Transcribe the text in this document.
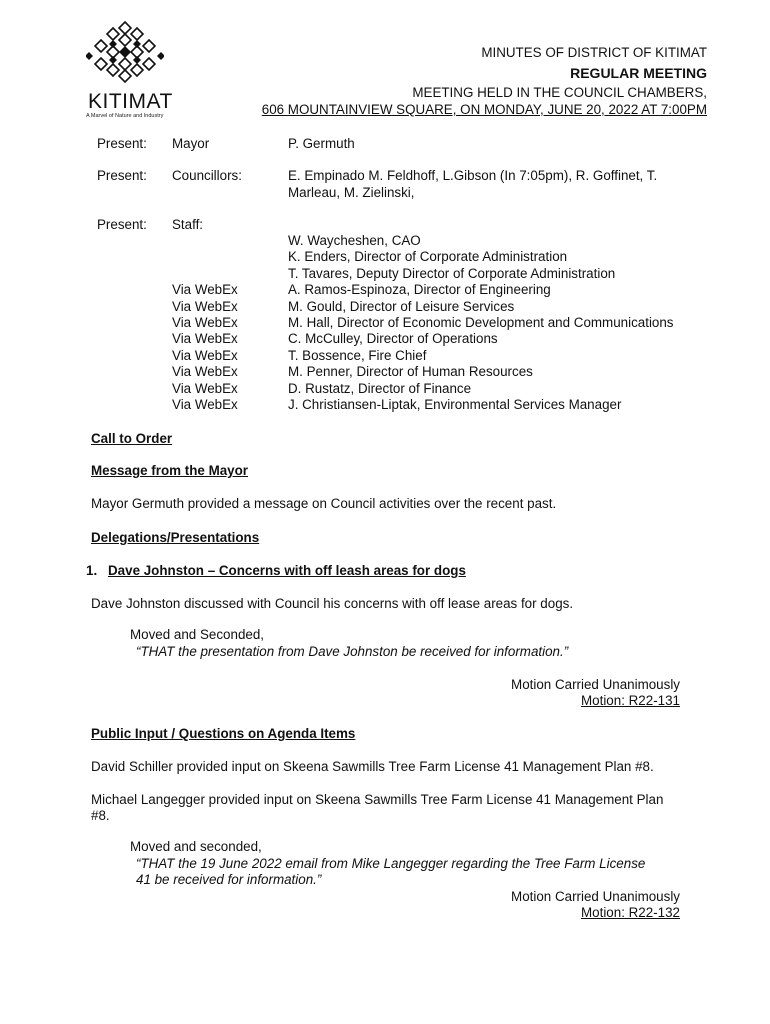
KITIMAT
A Marvel of Nature and Industry
MINUTES OF DISTRICT OF KITIMAT
REGULAR MEETING
MEETING HELD IN THE COUNCIL CHAMBERS,
606 MOUNTAINVIEW SQUARE, ON MONDAY, JUNE 20, 2022 AT 7:00PM
Present: Mayor	P. Germuth
Present: Councillors:	E. Empinado M. Feldhoff, L.Gibson (In 7:05pm), R. Goffinet, T.
Marleau, M. Zielinski,
Present: Staff:
W. Waycheshen, CAO
K. Enders, Director of Corporate Administration
T. Tavares, Deputy Director of Corporate Administration
Via WebEx	A. Ramos-Espinoza, Director of Engineering
Via WebEx	M. Gould, Director of Leisure Services
Via WebEx	M. Hall, Director of Economic Development and Communications
Via WebEx	C. McCulley, Director of Operations
Via WebEx	T. Bossence, Fire Chief
Via WebEx	M. Penner, Director of Human Resources
Via WebEx	D. Rustatz, Director of Finance
Via WebEx	J. Christiansen-Liptak, Environmental Services Manager
Call to Order
Message from the Mayor
Mayor Germuth provided a message on Council activities over the recent past.
Delegations/Presentations
1. Dave Johnston – Concerns with off leash areas for dogs
Dave Johnston discussed with Council his concerns with off lease areas for dogs.
Moved and Seconded,
“THAT the presentation from Dave Johnston be received for information.”
Motion Carried Unanimously
Motion: R22-131
Public Input / Questions on Agenda Items
David Schiller provided input on Skeena Sawmills Tree Farm License 41 Management Plan #8.
Michael Langegger provided input on Skeena Sawmills Tree Farm License 41 Management Plan
#8.
Moved and seconded,
“THAT the 19 June 2022 email from Mike Langegger regarding the Tree Farm License
41 be received for information.”
Motion Carried Unanimously
Motion: R22-132
